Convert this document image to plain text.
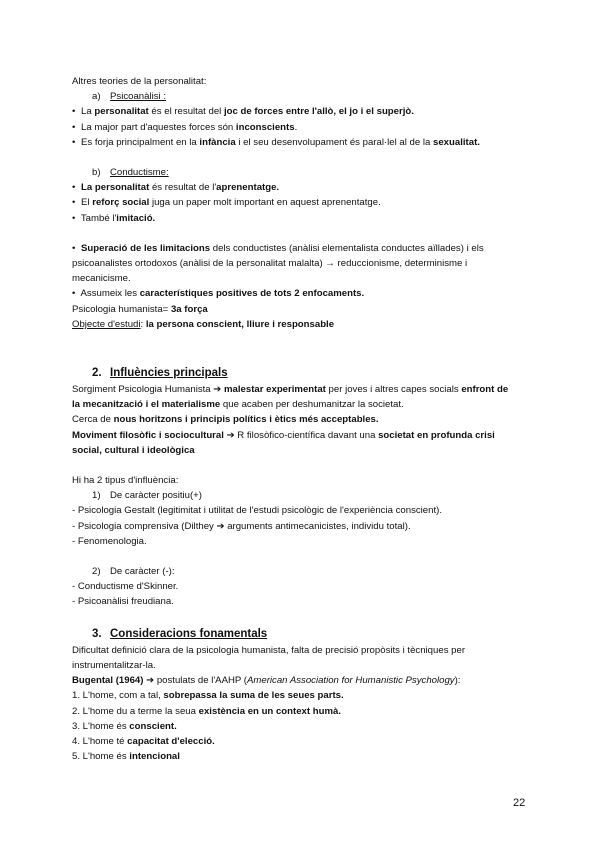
Altres teories de la personalitat:
a) Psicoanàlisi :
• La personalitat és el resultat del joc de forces entre l'allò, el jo i el superjò.
• La major part d'aquestes forces són inconscients.
• Es forja principalment en la infància i el seu desenvolupament és paral·lel al de la sexualitat.
b) Conductisme:
• La personalitat és resultat de l'aprenentatge.
• El reforç social juga un paper molt important en aquest aprenentatge.
• També l'imitació.
• Superació de les limitacions dels conductistes (anàlisi elementalista conductes aïllades) i els
psicoanalistes ortodoxos (anàlisi de la personalitat malalta) → reduccionisme, determinisme i
mecanicisme.
• Assumeix les característiques positives de tots 2 enfocaments.
Psicologia humanista= 3a força
Objecte d'estudi: la persona conscient, lliure i responsable
2. Influències principals
Sorgiment Psicologia Humanista ➔ malestar experimentat per joves i altres capes socials enfront de
la mecanització i el materialisme que acaben per deshumanitzar la societat.
Cerca de nous horitzons i principis polítics i ètics més acceptables.
Moviment filosòfic i sociocultural ➔ R filosòfico-científica davant una societat en profunda crisi
social, cultural i ideològica
Hi ha 2 tipus d'influència:
1) De caràcter positiu(+)
- Psicologia Gestalt (legitimitat i utilitat de l'estudi psicològic de l'experiència conscient).
- Psicologia comprensiva (Dilthey ➔ arguments antimecanicistes, individu total).
- Fenomenologia.
2) De caràcter (-):
- Conductisme d'Skinner.
- Psicoanàlisi freudiana.
3. Consideracions fonamentals
Dificultat definició clara de la psicologia humanista, falta de precisió propòsits i tècniques per
instrumentalitzar-la.
Bugental (1964) ➔ postulats de l'AAHP (American Association for Humanistic Psychology):
1. L'home, com a tal, sobrepassa la suma de les seues parts.
2. L'home du a terme la seua existència en un context humà.
3. L'home és conscient.
4. L'home té capacitat d'elecció.
5. L'home és intencional
22
